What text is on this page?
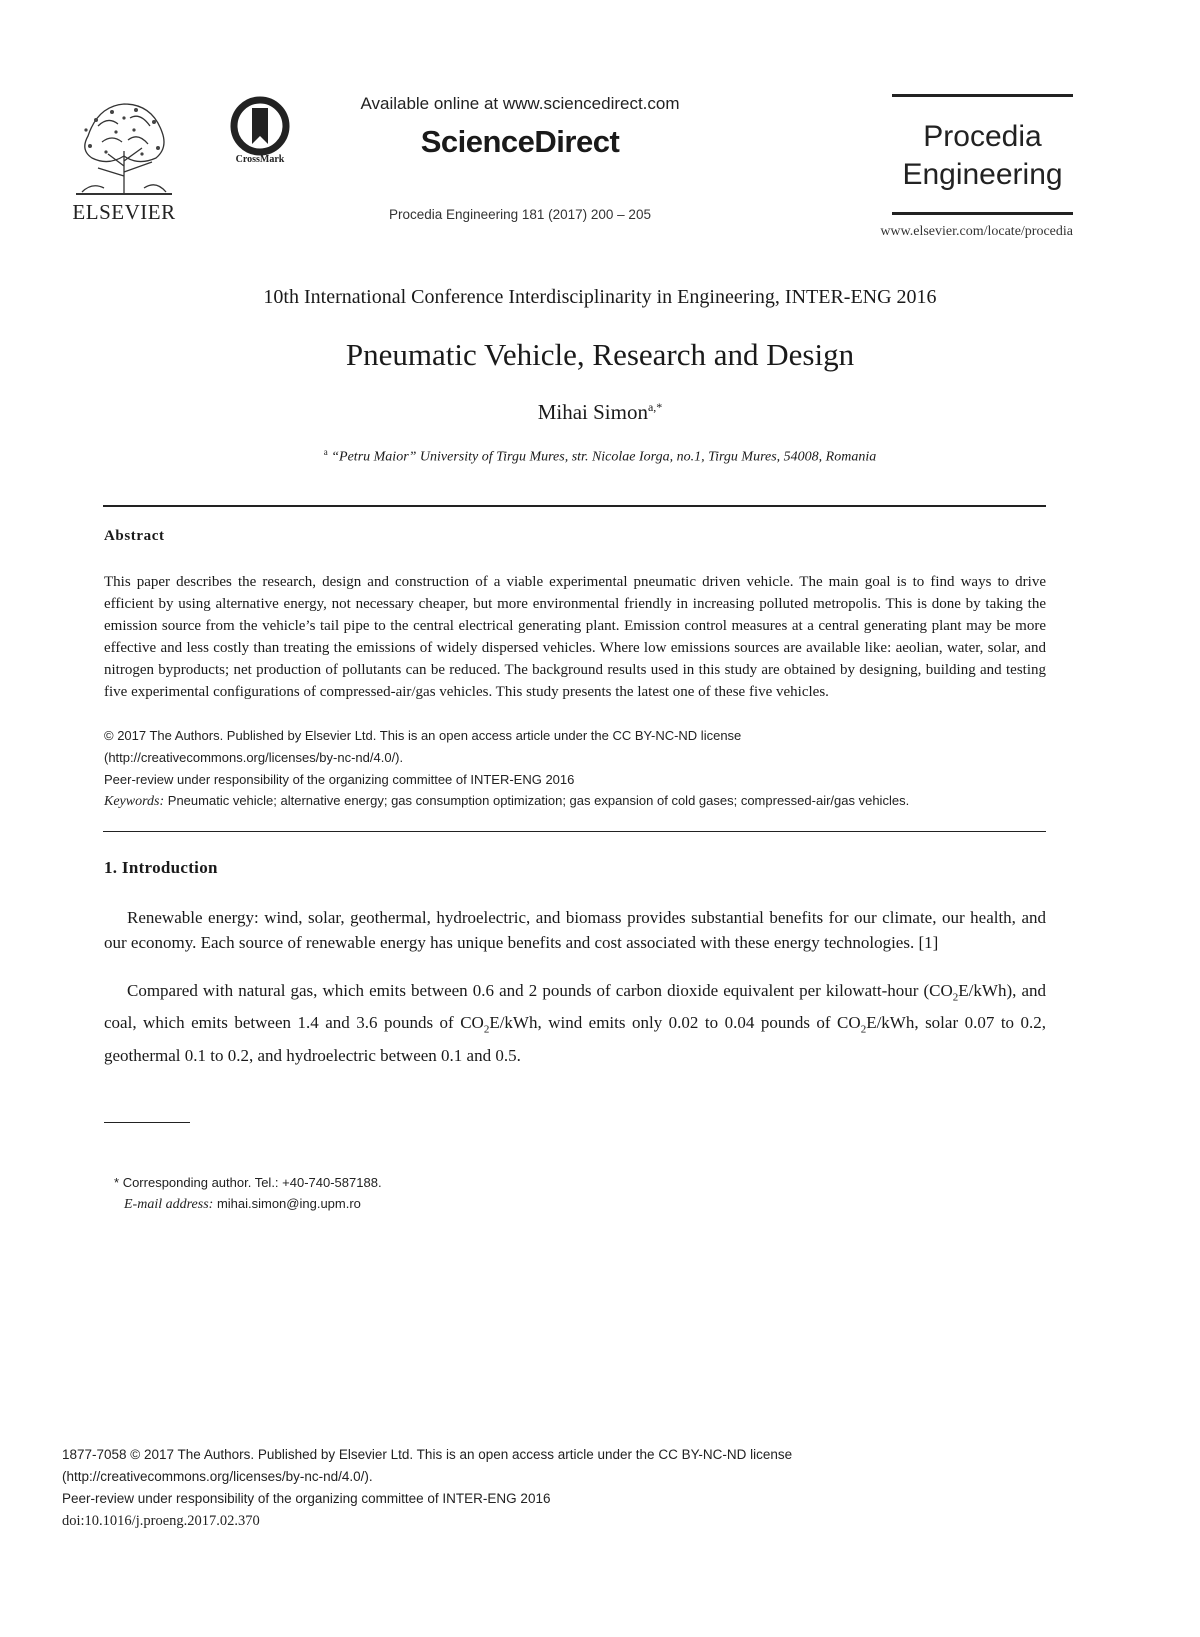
ELSEVIER
CrossMark
Available online at www.sciencedirect.com
ScienceDirect
Procedia Engineering 181 (2017) 200 – 205
Procedia
Engineering
www.elsevier.com/locate/procedia
10th International Conference Interdisciplinarity in Engineering, INTER-ENG 2016
Pneumatic Vehicle, Research and Design
Mihai Simon$^{a,*}$
$^a$ “Petru Maior” University of Tirgu Mures, str. Nicolae Iorga, no.1, Tirgu Mures, 54008, Romania
Abstract

This paper describes the research, design and construction of a viable experimental pneumatic driven vehicle. The main goal is to find ways to drive efficient by using alternative energy, not necessary cheaper, but more environmental friendly in increasing polluted metropolis. This is done by taking the emission source from the vehicle’s tail pipe to the central electrical generating plant. Emission control measures at a central generating plant may be more effective and less costly than treating the emissions of widely dispersed vehicles. Where low emissions sources are available like: aeolian, water, solar, and nitrogen byproducts; net production of pollutants can be reduced. The background results used in this study are obtained by designing, building and testing five experimental configurations of compressed-air/gas vehicles. This study presents the latest one of these five vehicles.

© 2017 The Authors. Published by Elsevier Ltd. This is an open access article under the CC BY-NC-ND license

(http://creativecommons.org/licenses/by-nc-nd/4.0/).

Peer-review under responsibility of the organizing committee of INTER-ENG 2016

Keywords: Pneumatic vehicle; alternative energy; gas consumption optimization; gas expansion of cold gases; compressed-air/gas vehicles.

1. Introduction

Renewable energy: wind, solar, geothermal, hydroelectric, and biomass provides substantial benefits for our climate, our health, and our economy. Each source of renewable energy has unique benefits and cost associated with these energy technologies. [1]

Compared with natural gas, which emits between 0.6 and 2 pounds of carbon dioxide equivalent per kilowatt-hour $(CO_2E/kWh)$, and coal, which emits between 1.4 and 3.6 pounds of $CO_2E$/kWh, wind emits only 0.02 to 0.04 pounds of $CO_2E$/kWh, solar 0.07 to 0.2, geothermal 0.1 to 0.2, and hydroelectric between 0.1 and 0.5.

* Corresponding author. Tel.: +40-740-587188.
E-mail address: mihai.simon@ing.upm.ro
1877-7058 © 2017 The Authors. Published by Elsevier Ltd. This is an open access article under the CC BY-NC-ND license
(http://creativecommons.org/licenses/by-nc-nd/4.0/).
Peer-review under responsibility of the organizing committee of INTER-ENG 2016
doi:10.1016/j.proeng.2017.02.370
